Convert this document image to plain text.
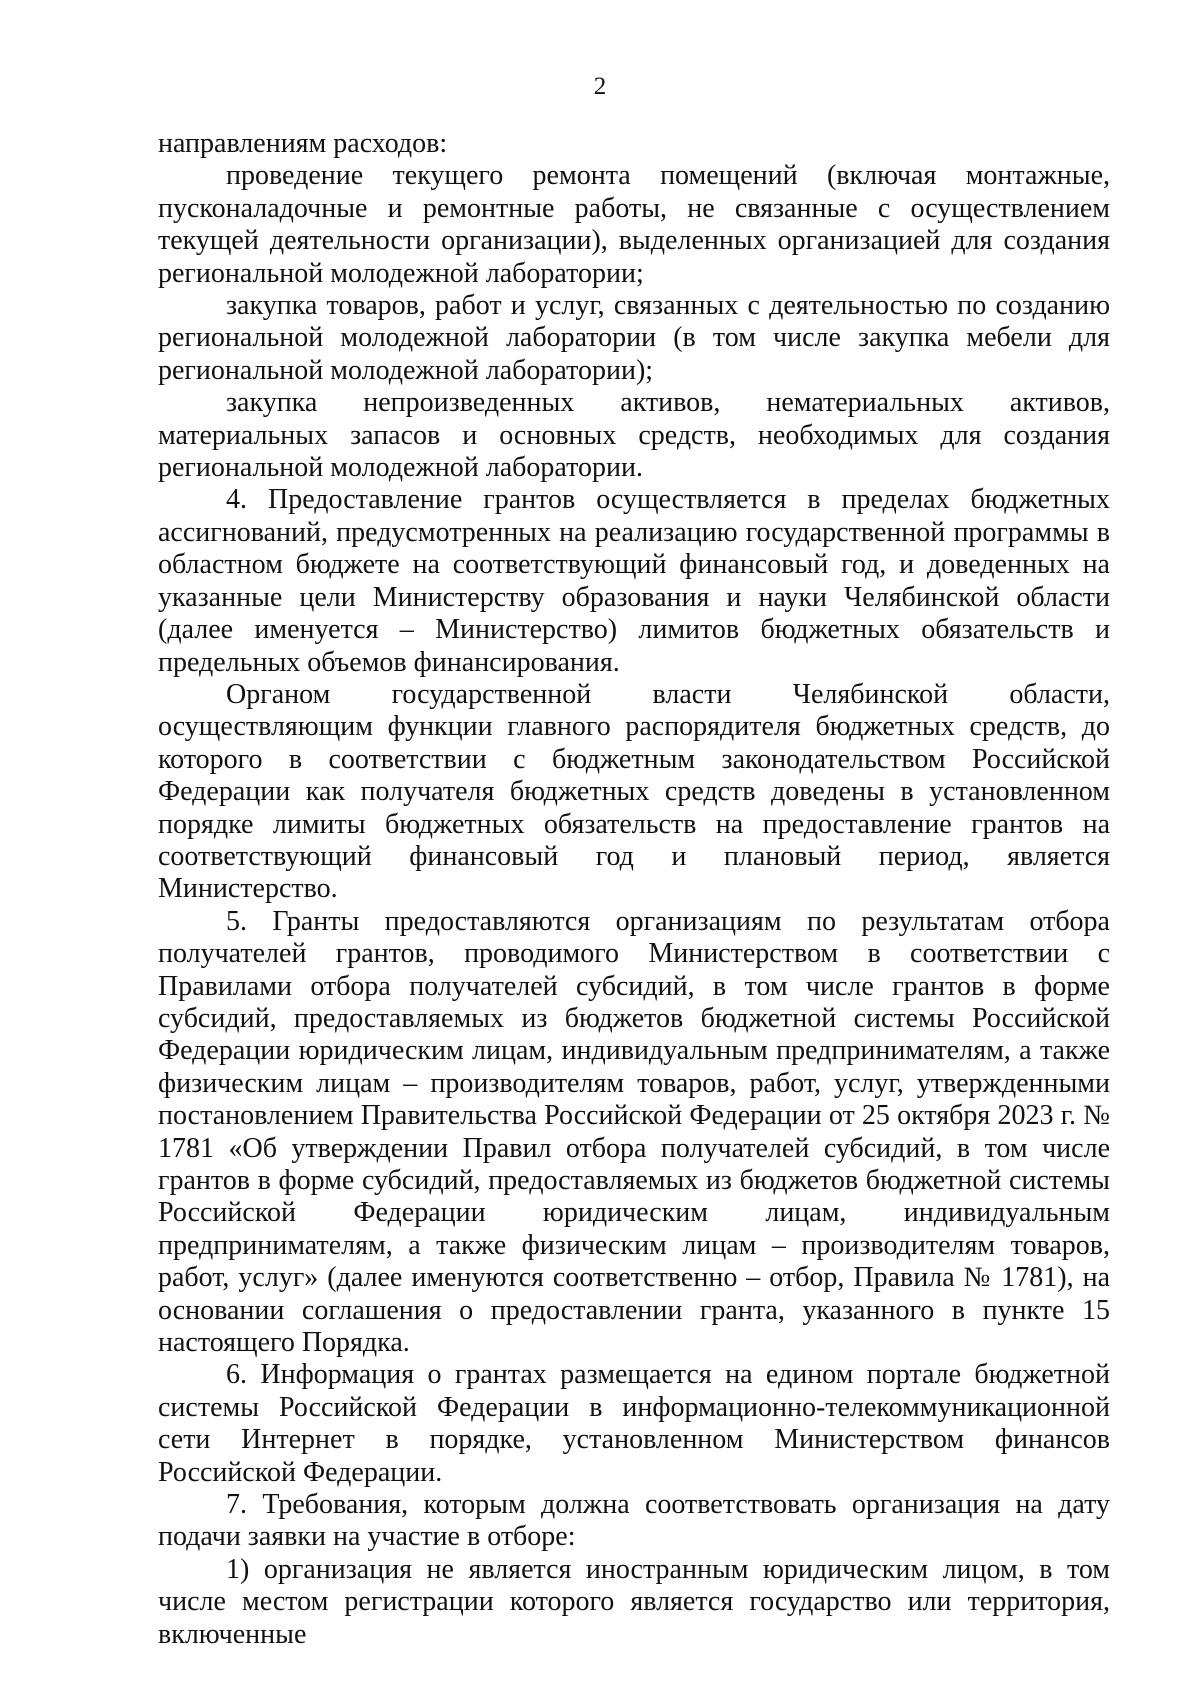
2

направлениям расходов:

проведение текущего ремонта помещений (включая монтажные, пусконаладочные и ремонтные работы, не связанные с осуществлением текущей деятельности организации), выделенных организацией для создания региональной молодежной лаборатории;

закупка товаров, работ и услуг, связанных с деятельностью по созданию региональной молодежной лаборатории (в том числе закупка мебели для региональной молодежной лаборатории);

закупка непроизведенных активов, нематериальных активов, материальных запасов и основных средств, необходимых для создания региональной молодежной лаборатории.

4. Предоставление грантов осуществляется в пределах бюджетных ассигнований, предусмотренных на реализацию государственной программы в областном бюджете на соответствующий финансовый год, и доведенных на указанные цели Министерству образования и науки Челябинской области (далее именуется – Министерство) лимитов бюджетных обязательств и предельных объемов финансирования.

Органом государственной власти Челябинской области, осуществляющим функции главного распорядителя бюджетных средств, до которого в соответствии с бюджетным законодательством Российской Федерации как получателя бюджетных средств доведены в установленном порядке лимиты бюджетных обязательств на предоставление грантов на соответствующий финансовый год и плановый период, является Министерство.

5. Гранты предоставляются организациям по результатам отбора получателей грантов, проводимого Министерством в соответствии с Правилами отбора получателей субсидий, в том числе грантов в форме субсидий, предоставляемых из бюджетов бюджетной системы Российской Федерации юридическим лицам, индивидуальным предпринимателям, а также физическим лицам – производителям товаров, работ, услуг, утвержденными постановлением Правительства Российской Федерации от 25 октября 2023 г. № 1781 «Об утверждении Правил отбора получателей субсидий, в том числе грантов в форме субсидий, предоставляемых из бюджетов бюджетной системы Российской Федерации юридическим лицам, индивидуальным предпринимателям, а также физическим лицам – производителям товаров, работ, услуг» (далее именуются соответственно – отбор, Правила № 1781), на основании соглашения о предоставлении гранта, указанного в пункте 15 настоящего Порядка.

6. Информация о грантах размещается на едином портале бюджетной системы Российской Федерации в информационно-телекоммуникационной сети Интернет в порядке, установленном Министерством финансов Российской Федерации.

7. Требования, которым должна соответствовать организация на дату подачи заявки на участие в отборе:

1) организация не является иностранным юридическим лицом, в том числе местом регистрации которого является государство или территория, включенные
